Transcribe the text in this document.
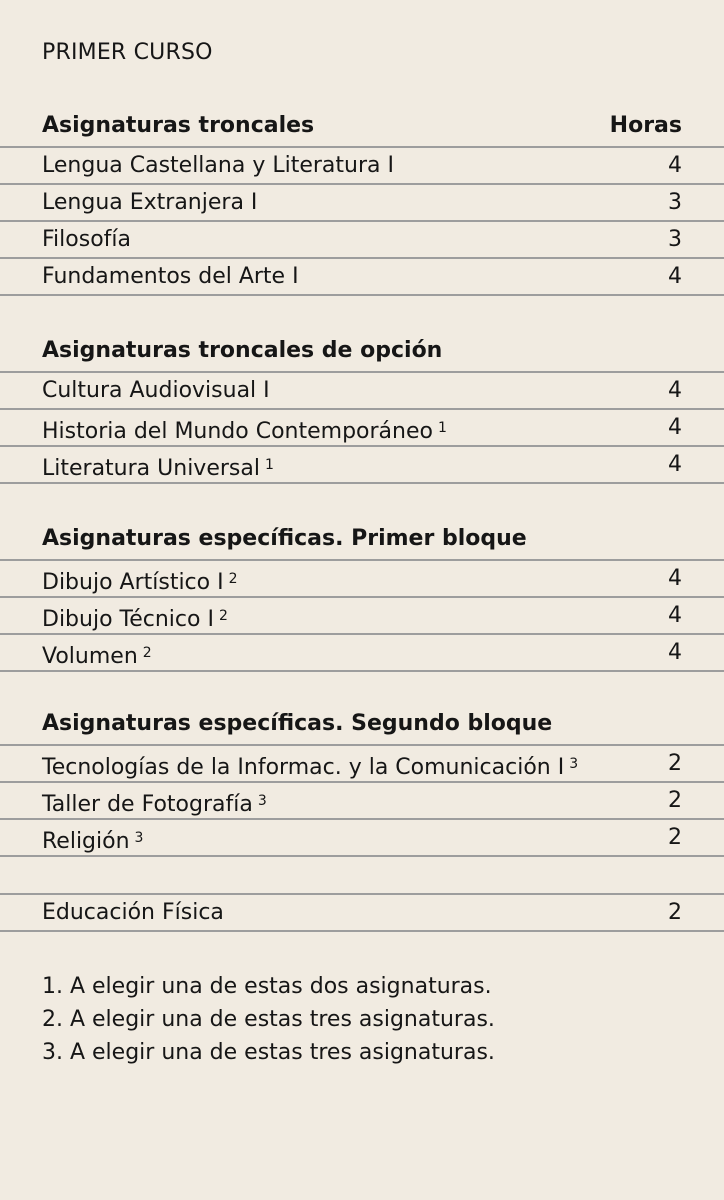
PRIMER CURSO
Asignaturas troncales	Horas
Lengua Castellana y Literatura I	4
Lengua Extranjera I	3
Filosofía	3
Fundamentos del Arte I	4
Asignaturas troncales de opción
Cultura Audiovisual I	4
Historia del Mundo Contemporáneo $^1$	4
Literatura Universal $^1$	4
Asignaturas específicas. Primer bloque
Dibujo Artístico I $^2$	4
Dibujo Técnico I $^2$	4
Volumen $^2$	4
Asignaturas específicas. Segundo bloque
Tecnologías de la Informac. y la Comunicación I $^3$	2
Taller de Fotografía $^3$	2
Religión $^3$	2
Educación Física	2
1. A elegir una de estas dos asignaturas.
2. A elegir una de estas tres asignaturas.
3. A elegir una de estas tres asignaturas.
